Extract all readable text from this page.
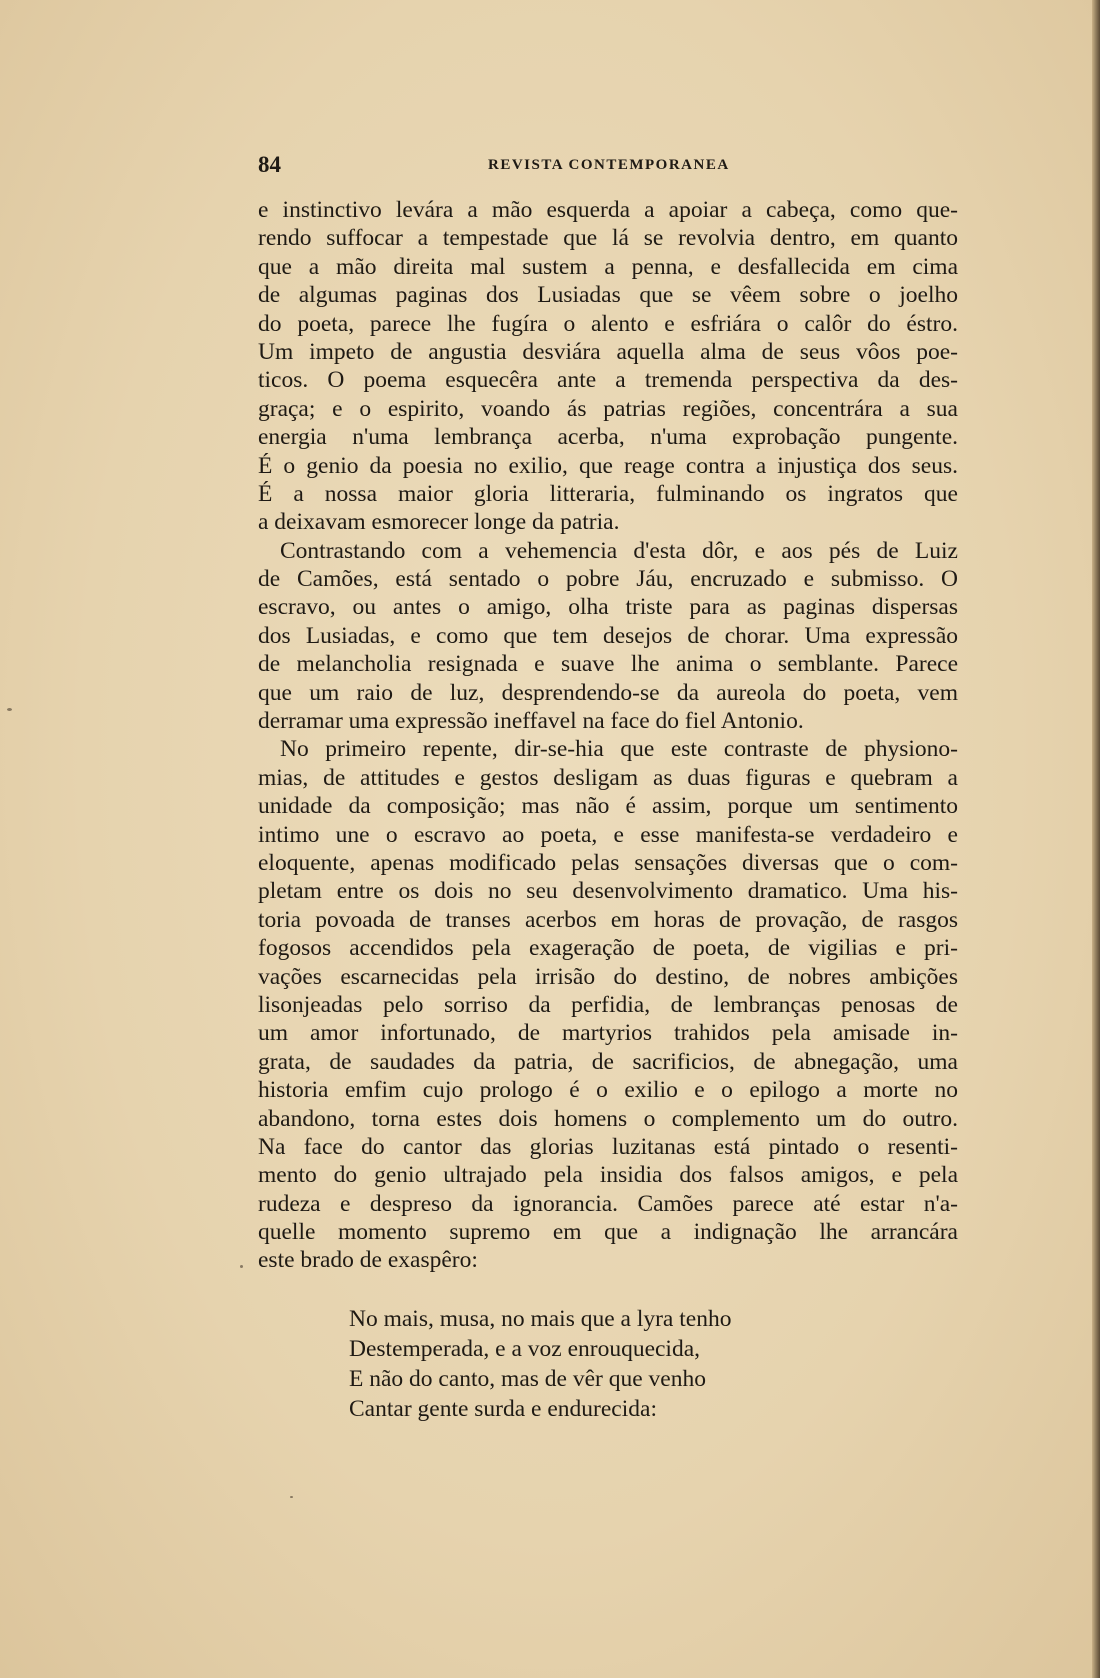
84	REVISTA CONTEMPORANEA
e instinctivo levára a mão esquerda a apoiar a cabeça, como que-
rendo suffocar a tempestade que lá se revolvia dentro, em quanto
que a mão direita mal sustem a penna, e desfallecida em cima
de algumas paginas dos Lusiadas que se vêem sobre o joelho
do poeta, parece lhe fugíra o alento e esfriára o calôr do éstro.
Um impeto de angustia desviára aquella alma de seus vôos poe-
ticos. O poema esquecêra ante a tremenda perspectiva da des-
graça; e o espirito, voando ás patrias regiões, concentrára a sua
energia n'uma lembrança acerba, n'uma exprobação pungente.
É o genio da poesia no exilio, que reage contra a injustiça dos seus.
É a nossa maior gloria litteraria, fulminando os ingratos que
a deixavam esmorecer longe da patria.
Contrastando com a vehemencia d'esta dôr, e aos pés de Luiz
de Camões, está sentado o pobre Jáu, encruzado e submisso. O
escravo, ou antes o amigo, olha triste para as paginas dispersas
dos Lusiadas, e como que tem desejos de chorar. Uma expressão
de melancholia resignada e suave lhe anima o semblante. Parece
que um raio de luz, desprendendo-se da aureola do poeta, vem
derramar uma expressão ineffavel na face do fiel Antonio.
No primeiro repente, dir-se-hia que este contraste de physiono-
mias, de attitudes e gestos desligam as duas figuras e quebram a
unidade da composição; mas não é assim, porque um sentimento
intimo une o escravo ao poeta, e esse manifesta-se verdadeiro e
eloquente, apenas modificado pelas sensações diversas que o com-
pletam entre os dois no seu desenvolvimento dramatico. Uma his-
toria povoada de transes acerbos em horas de provação, de rasgos
fogosos accendidos pela exageração de poeta, de vigilias e pri-
vações escarnecidas pela irrisão do destino, de nobres ambições
lisonjeadas pelo sorriso da perfidia, de lembranças penosas de
um amor infortunado, de martyrios trahidos pela amisade in-
grata, de saudades da patria, de sacrificios, de abnegação, uma
historia emfim cujo prologo é o exilio e o epilogo a morte no
abandono, torna estes dois homens o complemento um do outro.
Na face do cantor das glorias luzitanas está pintado o resenti-
mento do genio ultrajado pela insidia dos falsos amigos, e pela
rudeza e despreso da ignorancia. Camões parece até estar n'a-
quelle momento supremo em que a indignação lhe arrancára
este brado de exaspêro:
No mais, musa, no mais que a lyra tenho
Destemperada, e a voz enrouquecida,
E não do canto, mas de vêr que venho
Cantar gente surda e endurecida:
